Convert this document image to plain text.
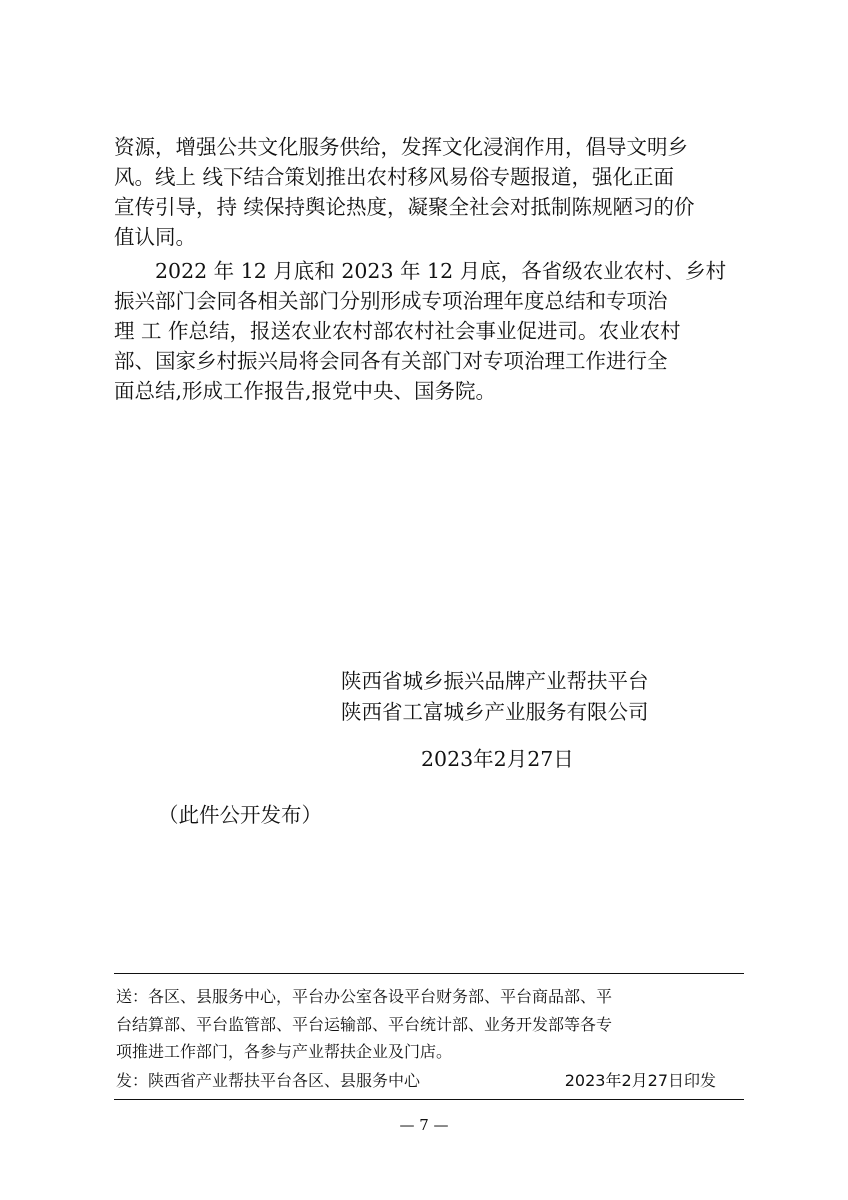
资源，增强公共文化服务供给，发挥文化浸润作用，倡导文明乡
风。线上 线下结合策划推出农村移风易俗专题报道，强化正面
宣传引导，持 续保持舆论热度，凝聚全社会对抵制陈规陋习的价
值认同。
　　2022 年 12 月底和 2023 年 12 月底，各省级农业农村、乡村
振兴部门会同各相关部门分别形成专项治理年度总结和专项治
理 工 作总结，报送农业农村部农村社会事业促进司。农业农村
部、国家乡村振兴局将会同各有关部门对专项治理工作进行全
面总结,形成工作报告,报党中央、国务院。
陕西省城乡振兴品牌产业帮扶平台
陕西省工富城乡产业服务有限公司
2023年2月27日
（此件公开发布）
送：各区、县服务中心，平台办公室各设平台财务部、平台商品部、平
台结算部、平台监管部、平台运输部、平台统计部、业务开发部等各专
项推进工作部门，各参与产业帮扶企业及门店。
发：陕西省产业帮扶平台各区、县服务中心	2023年2月27日印发
— 7 —
